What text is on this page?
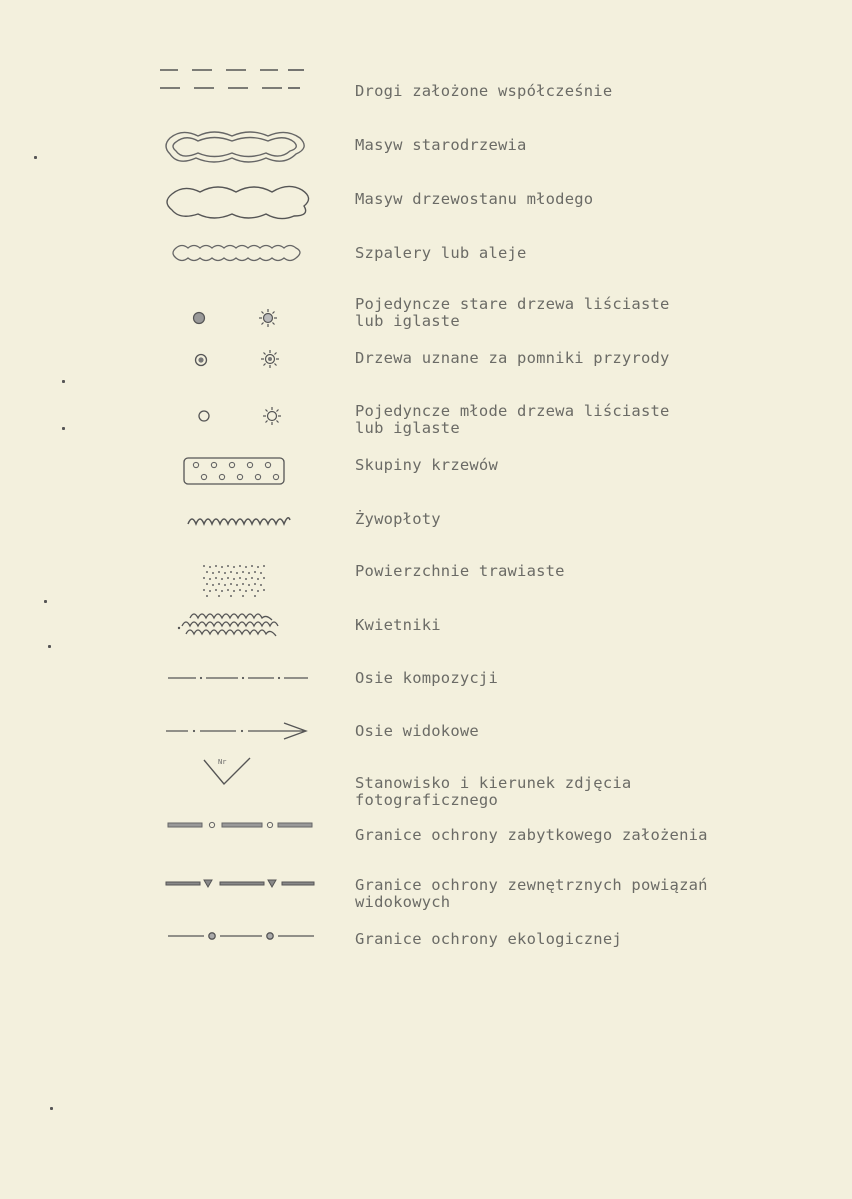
Drogi założone współcześnie
Masyw starodrzewia
Masyw drzewostanu młodego
Szpalery lub aleje
Pojedyncze stare drzewa liściaste
lub iglaste
Drzewa uznane za pomniki przyrody
Pojedyncze młode drzewa liściaste
lub iglaste
Skupiny krzewów
Żywopłoty
Powierzchnie trawiaste
Kwietniki
Osie kompozycji
Osie widokowe
Nr
Stanowisko i kierunek zdjęcia
fotograficznego
Granice ochrony zabytkowego założenia
Granice ochrony zewnętrznych powiązań
widokowych
Granice ochrony ekologicznej
